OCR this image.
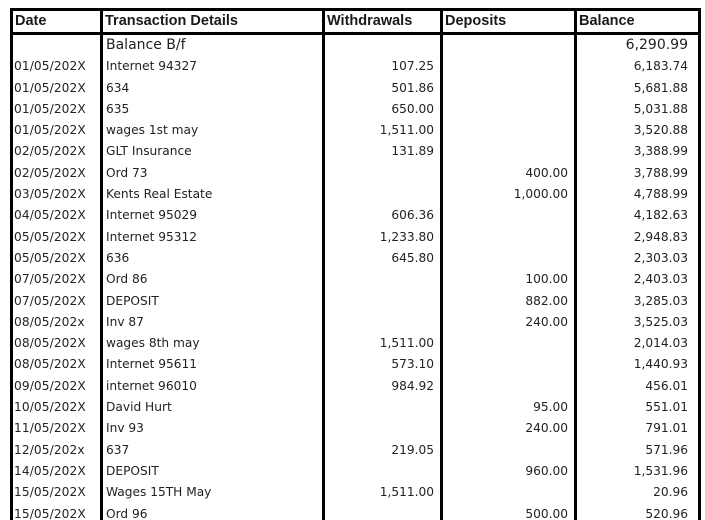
Date	Transaction Details	Withdrawals	Deposits	Balance
	Balance B/f			6,290.99
01/05/202X	Internet 94327	107.25		6,183.74
01/05/202X	634	501.86		5,681.88
01/05/202X	635	650.00		5,031.88
01/05/202X	wages 1st may	1,511.00		3,520.88
02/05/202X	GLT Insurance	131.89		3,388.99
02/05/202X	Ord 73		400.00	3,788.99
03/05/202X	Kents Real Estate		1,000.00	4,788.99
04/05/202X	Internet 95029	606.36		4,182.63
05/05/202X	Internet 95312	1,233.80		2,948.83
05/05/202X	636	645.80		2,303.03
07/05/202X	Ord 86		100.00	2,403.03
07/05/202X	DEPOSIT		882.00	3,285.03
08/05/202x	Inv 87		240.00	3,525.03
08/05/202X	wages 8th may	1,511.00		2,014.03
08/05/202X	Internet 95611	573.10		1,440.93
09/05/202X	internet 96010	984.92		456.01
10/05/202X	David Hurt		95.00	551.01
11/05/202X	Inv 93		240.00	791.01
12/05/202x	637	219.05		571.96
14/05/202X	DEPOSIT		960.00	1,531.96
15/05/202X	Wages 15TH May	1,511.00		20.96
15/05/202X	Ord 96		500.00	520.96
